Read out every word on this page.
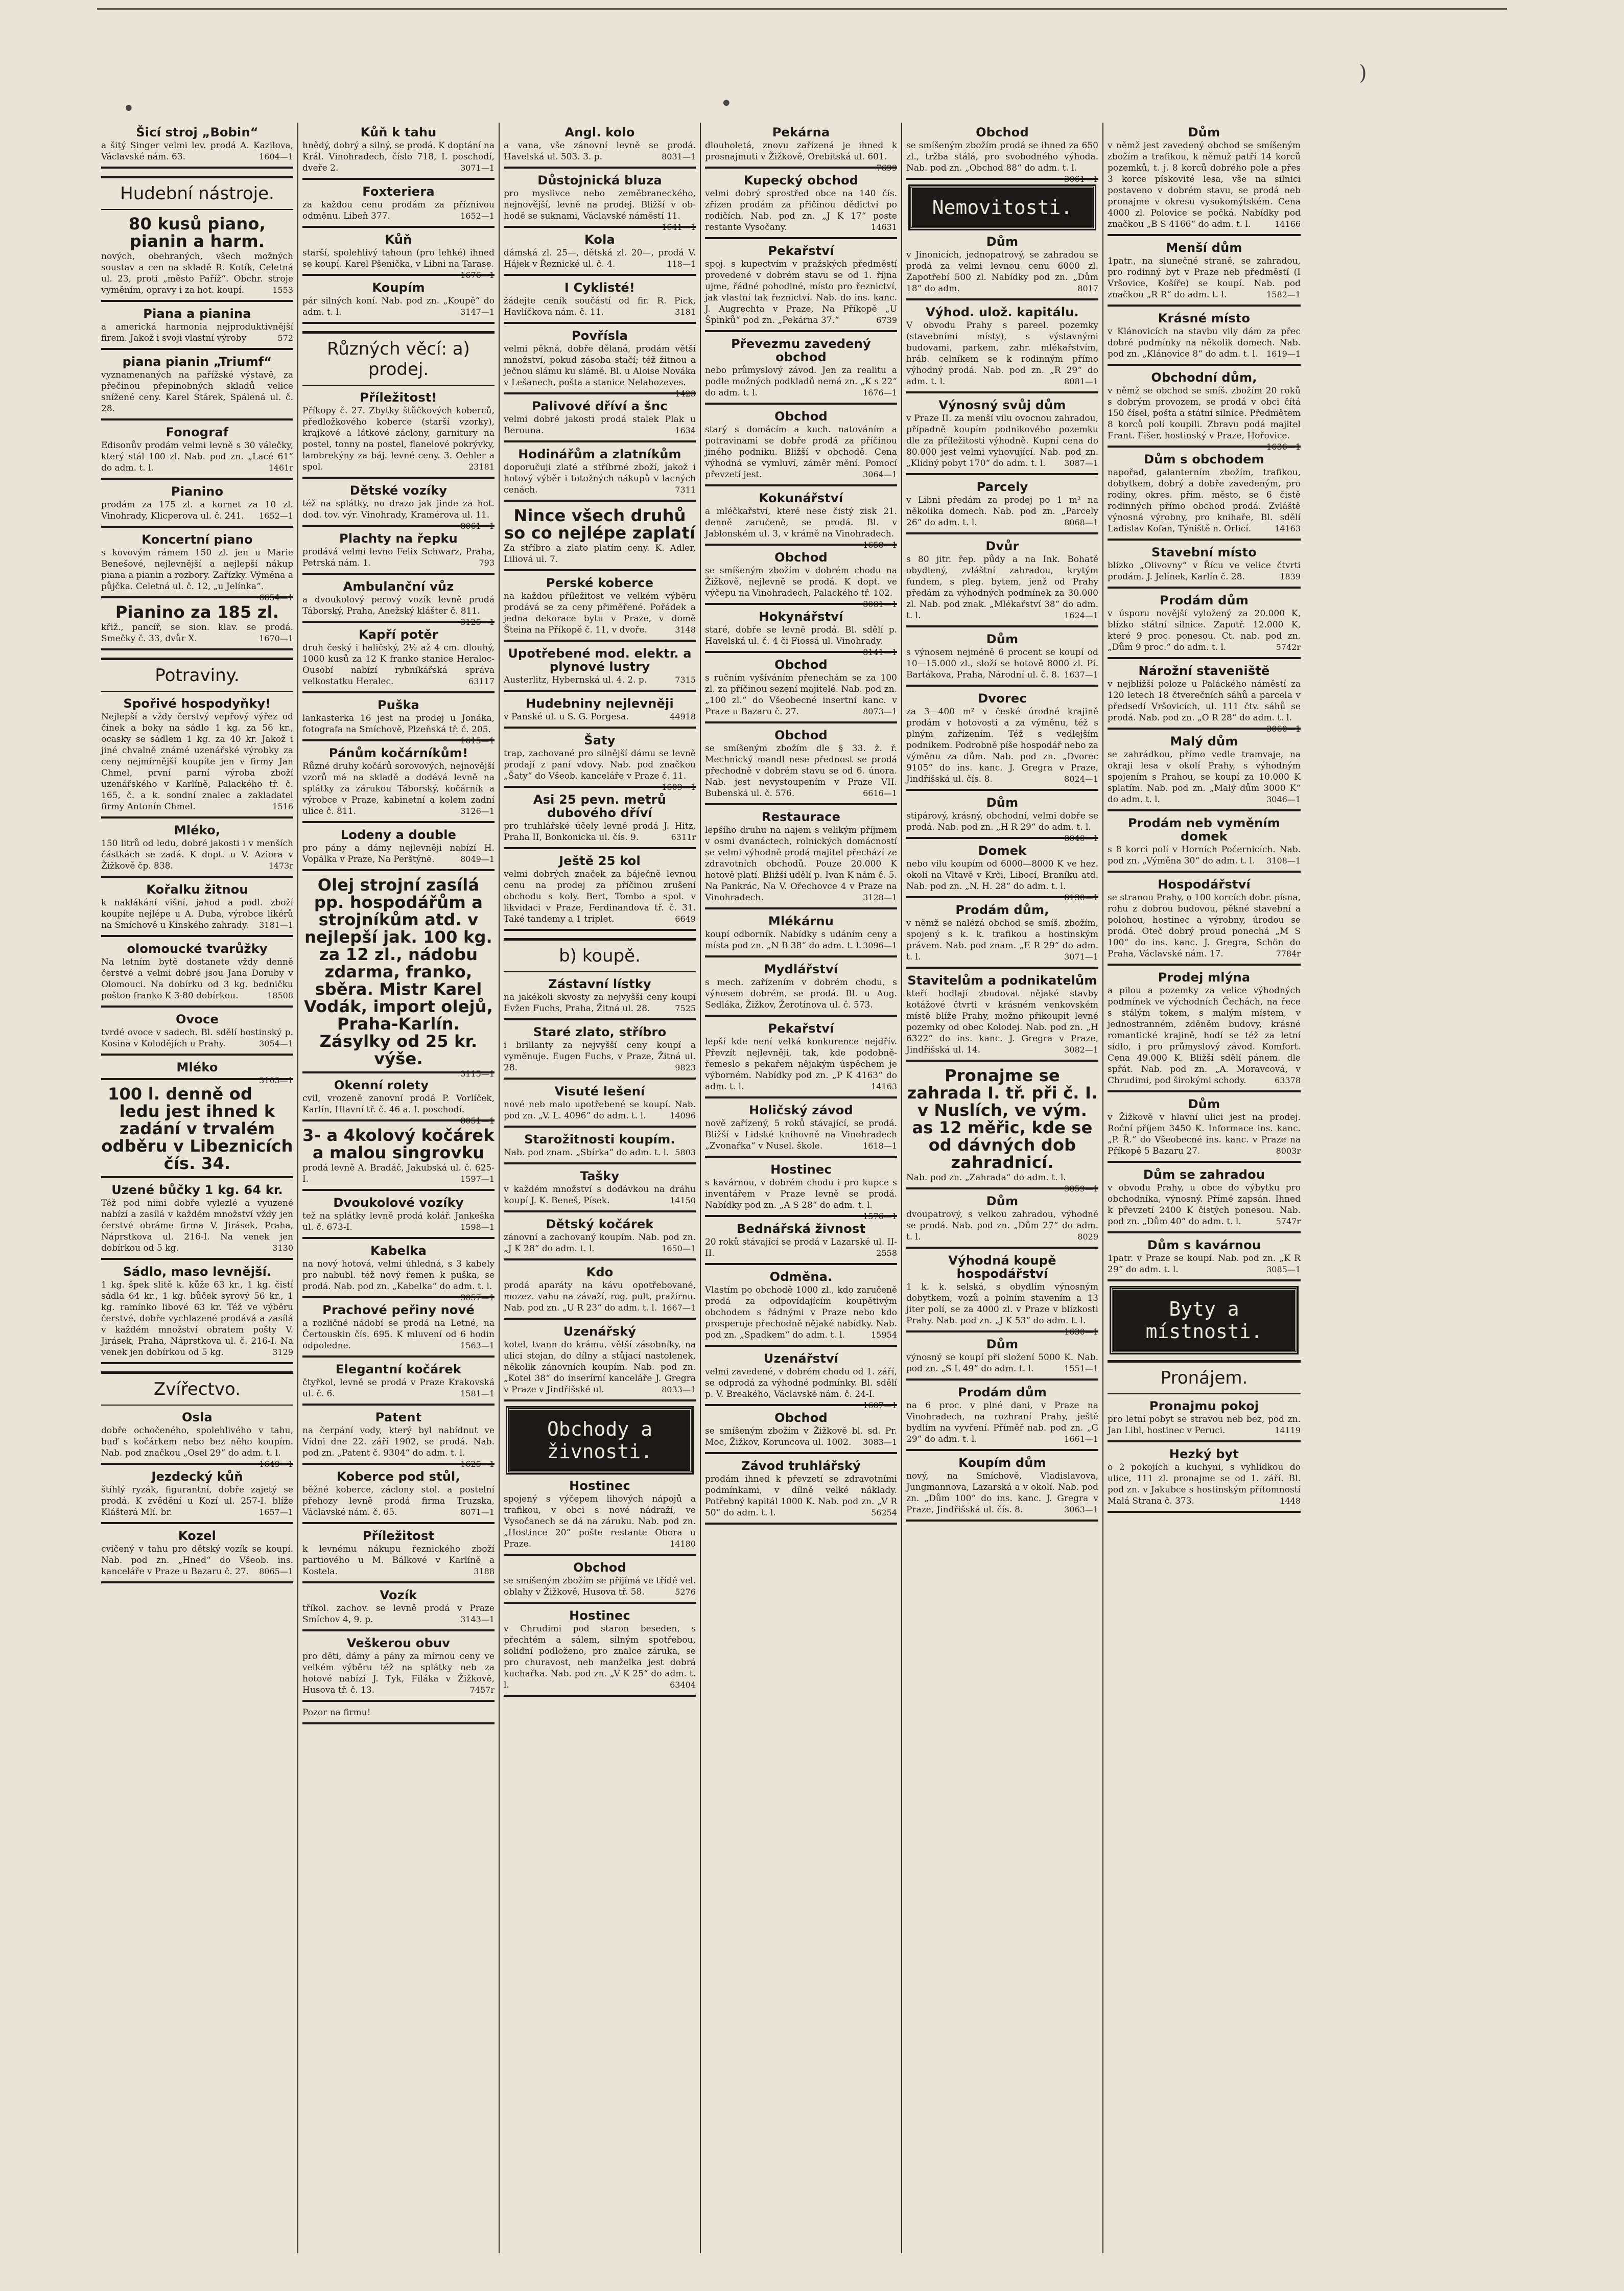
•	•
)
Šicí stroj „Bobin“

a šitý Singer velmi lev. prodá A. Kazilova, Václavské nám. 63.	1604—1

Hudební nástroje.
80 kusů piano, pianin a harm.

nových, obehraných, všech možných soustav a cen na skladě R. Kotík, Celetná ul. 23, proti „město Paříž“. Obchr. stroje vyměním, opravy i za hot. koupí.	1553

Piana a pianina

a americká harmonia nejproduktivnější firem. Jakož i svoji vlastní výroby	572

piana pianin „Triumf“

vyznamenaných na pařížské výstavě, za přečinou přepinobných skladů velice snížené ceny. Karel Stárek, Spálená ul. č. 28.

Fonograf

Edisonův prodám velmi levně s 30 válečky, který stál 100 zl. Nab. pod zn. „Lacé 61“ do adm. t. l.	1461r

Pianino

prodám za 175 zl. a kornet za 10 zl. Vinohrady, Klicperova ul. č. 241. 1652—1

Koncertní piano

s kovovým rámem 150 zl. jen u Marie Benešové, nejlevnější a nejlepší nákup piana a pianin a rozbory. Zařízky. Výměna a půjčka. Celetná ul. č. 12, „u Jelínka“.
6654—1

Pianino za 185 zl.

křiž., pancíř, se sion. klav. se prodá. Smečky č. 33, dvůr X.	1670—1

Potraviny.
Spořivé hospodyňky!

Nejlepší a vždy čerstvý vepřový výřez od činek a boky na sádlo 1 kg. za 56 kr., ocasky se sádlem 1 kg. za 40 kr. Jakož i jiné chvalně známé uzenářské výrobky za ceny nejmírnější koupíte jen v firmy Jan Chmel, první parní výroba zboží uzenářského v Karlíně, Palackého tř. č. 165, č. a k. sondní znalec a zakladatel firmy Antonín Chmel.	1516

Mléko,

150 litrů od ledu, dobré jakosti i v menších částkách se zadá. K dopt. u V. Aziora v Žižkově čp. 838.	1473r

Kořalku žitnou

k naklákání višní, jahod a podl. zboží koupíte nejlépe u A. Duba, výrobce likérů na Smíchově u Kinského zahrady. 3181—1

olomoucké tvarůžky

Na letním bytě dostanete vždy denně čerstvé a velmi dobré jsou Jana Doruby v Olomouci. Na dobírku od 3 kg. bedničku pošton franko K 3·80 dobírkou.	18508

Ovoce

tvrdé ovoce v sadech. Bl. sdělí hostinský p. Kosina v Kolodějích u Prahy.	3054—1

Mléko

3103—1

100 l. denně od ledu jest ihned k zadání v trvalém odběru v Libeznicích čís. 34.

Uzené bůčky 1 kg. 64 kr.

Též pod nimi dobře vylezlé a vyuzené nabízí a zasílá v každém množství vždy jen čerstvé obráme firma V. Jirásek, Praha, Náprstkova ul. 216-I. Na venek jen dobírkou od 5 kg.	3130

Sádlo, maso levnější.

1 kg. špek slitě k. kůže 63 kr., 1 kg. čistí sádla 64 kr., 1 kg. bůček syrový 56 kr., 1 kg. ramínko libové 63 kr. Též ve výběru čerstvé, dobře vychlazené prodává a zasílá v každém množství obratem pošty V. Jirásek, Praha, Náprstkova ul. č. 216-I. Na venek jen dobírkou od 5 kg.	3129

Zvířectvo.
Osla

dobře ochočeného, spolehlivého v tahu, buď s kočárkem nebo bez něho koupím. Nab. pod značkou „Osel 29“ do adm. t. l.
1649—1

Jezdecký kůň

štíhlý ryzák, figurantní, dobře zajetý se prodá. K zvědění u Kozí ul. 257-I. blíže Klášterá Mlí. br.	1657—1

Kozel

cvičený v tahu pro dětský vozík se koupí. Nab. pod zn. „Hned“ do Všeob. ins. kanceláře v Praze u Bazaru č. 27. 8065—1

Kůň k tahu

hnědý, dobrý a silný, se prodá. K doptání na Král. Vinohradech, číslo 718, I. poschodí, dveře 2.	3071—1

Foxteriera

za každou cenu prodám za příznivou odměnu. Libeň 377.	1652—1

Kůň

starší, spolehlivý tahoun (pro lehké) ihned se koupí. Karel Pšenička, v Libni na Tarase.
1676—1

Koupím

pár silných koní. Nab. pod zn. „Koupě“ do adm. t. l.	3147—1

Různých věcí: a) prodej.
Příležitost!

Příkopy č. 27. Zbytky štůčkových koberců, předložkového koberce (starší vzorky), krajkové a látkové záclony, garnitury na postel, tonny na postel, flanelové pokrývky, lambrekýny za báj. levné ceny. 3. Oehler a spol.	23181

Dětské vozíky

též na splátky, no drazo jak jinde za hot. dod. tov. výr. Vinohrady, Kramérova ul. 11.
8061—1

Plachty na řepku

prodává velmi levno Felix Schwarz, Praha, Petrská nám. 1.	793

Ambulanční vůz

a dvoukolový perový vozík levně prodá Táborský, Praha, Anežský klášter č. 811.
3125—1

Kapří potěr

druh český i haličský, 2½ až 4 cm. dlouhý, 1000 kusů za 12 K franko stanice Heraloc-Ousobí nabízí rybníkářská správa velkostatku Heralec.	63117

Puška

lankasterka 16 jest na prodej u Jonáka, fotografa na Smíchově, Plzeňská tř. č. 205.
1615—1

Pánům kočárníkům!

Různé druhy kočárů sorovových, nejnovější vzorů má na skladě a dodává levně na splátky za zárukou Táborský, kočárník a výrobce v Praze, kabinetní a kolem zadní ulice č. 811.	3126—1

Lodeny a double

pro pány a dámy nejlevněji nabízí H. Vopálka v Praze, Na Perštýně.	8049—1

Olej strojní zasílá pp. hospodářům a strojníkům atd. v nejlepší jak. 100 kg. za 12 zl., nádobu zdarma, franko, sběra. Mistr Karel Vodák, import olejů, Praha-Karlín. Zásylky od 25 kr. výše.

3115—1

Okenní rolety

cvil, vrozeně zanovní prodá P. Vorlíček, Karlín, Hlavní tř. č. 46 a. I. poschodí.
8051—1

3- a 4kolový kočárek a malou singrovku

prodá levně A. Bradáč, Jakubská ul. č. 625-I.	1597—1

Dvoukolové vozíky

tež na splátky levně prodá kolář. Jankeška ul. č. 673-I.	1598—1

Kabelka

na nový hotová, velmi úhledná, s 3 kabely pro nabubl. též nový řemen k puška, se prodá. Nab. pod zn. „Kabelka“ do adm. t. l.
3057—1

Prachové peřiny nové

a rozličné nádobí se prodá na Letné, na Čertouskin čís. 695. K mluvení od 6 hodin odpoledne.	1563—1

Elegantní kočárek

čtyřkol, levně se prodá v Praze Krakovská ul. č. 6.	1581—1

Patent

na čerpání vody, který byl nabídnut ve Vídni dne 22. září 1902, se prodá. Nab. pod zn. „Patent č. 9304“ do adm. t. l.
1625—1

Koberce pod stůl,

běžné koberce, záclony stol. a postelní přehozy levně prodá firma Truzska, Václavské nám. č. 65.	8071—1

Příležitost

k levnému nákupu řeznického zboží partiového u M. Bálkové v Karlíně a Kostela.	3188

Vozík

tříkol. zachov. se levně prodá v Praze Smíchov 4, 9. p.	3143—1

Veškerou obuv

pro děti, dámy a pány za mírnou ceny ve velkém výběru též na splátky neb za hotové nabízí J. Tyk, Filáka v Žižkově, Husova tř. č. 13.	7457r

Pozor na firmu!

Angl. kolo

a vana, vše zánovní levně se prodá. Havelská ul. 503. 3. p.	8031—1

Důstojnická bluza

pro myslivce nebo zeměbraneckého, nejnovější, levně na prodej. Bližší v ob-hodě se suknami, Václavské náměstí 11.
1641—1

Kola

dámská zl. 25—, dětská zl. 20—, prodá V. Hájek v Řeznické ul. č. 4.	118—1

I Cyklisté!

žádejte ceník součástí od fir. R. Pick, Havlíčkova nám. č. 11.	3181

Povřísla

velmi pěkná, dobře dělaná, prodám větší množství, pokud zásoba stačí; též žitnou a ječnou slámu ku slámě. Bl. u Aloise Nováka v Lešanech, pošta a stanice Nelahozeves.
1423

Palivové dříví a šnc

velmi dobré jakosti prodá stalek Plak u Berouna.	1634

Hodinářům a zlatníkům

doporučuji zlaté a stříbrné zboží, jakož i hotový výběr i totožných nákupů v lacných cenách.	7311

Nince všech druhů so co nejlépe zaplatí

Za stříbro a zlato platím ceny. K. Adler, Liliová ul. 7.

Perské koberce

na každou příležitost ve velkém výběru prodává se za ceny přiměřené. Pořádek a jedna dekorace bytu v Praze, v domě Šteina na Příkopě č. 11, v dvoře.	3148

Upotřebené mod. elektr. a plynové lustry

Austerlitz, Hybernská ul. 4. 2. p.	7315

Hudebniny nejlevněji

v Panské ul. u S. G. Porgesa.	44918

Šaty

trap, zachované pro silnější dámu se levně prodají z paní vdovy. Nab. pod značkou „Šaty“ do Všeob. kanceláře v Praze č. 11.
1609—1

Asi 25 pevn. metrů dubového dříví

pro truhlářské účely levně prodá J. Hitz, Praha II, Bonkonicka ul. čís. 9.	6311r

Ještě 25 kol

velmi dobrých značek za báječně levnou cenu na prodej za příčinou zrušení obchodu s koly. Bert, Tombo a spol. v likvidaci v Praze, Ferdinandova tř. č. 31. Také tandemy a 1 triplet.	6649

b) koupě.
Zástavní lístky

na jakékoli skvosty za nejvyšší ceny koupí Evžen Fuchs, Praha, Žitná ul. 28.	7525

Staré zlato, stříbro

i brillanty za nejvyšší ceny koupí a vyměnuje. Eugen Fuchs, v Praze, Žitná ul. 28.	9823

Visuté lešení

nové neb malo upotřebené se koupí. Nab. pod zn. „V. L. 4096“ do adm. t. l.	14096

Starožitnosti koupím.

Nab. pod znam. „Sbírka“ do adm. t. l. 5803

Tašky

v každém množství s dodávkou na dráhu koupí J. K. Beneš, Písek.	14150

Dětský kočárek

zánovní a zachovaný koupím. Nab. pod zn. „J K 28“ do adm. t. l.	1650—1

Kdo

prodá aparáty na kávu opotřebované, mozez. vahu na závaží, rog. pult, pražírnu. Nab. pod zn. „U R 23“ do adm. t. l. 1667—1

Uzenářský

kotel, tvann do krámu, větší zásobníky, na ulici stojan, do dílny a stůjací nastolenek, několik zánovních koupím. Nab. pod zn. „Kotel 38“ do inserírní kanceláře J. Gregra v Praze v Jindřišské ul.	8033—1

Obchody a živnosti.
Hostinec

spojený s výčepem lihových nápojů a trafikou, v obci s nové nádraží, ve Vysočanech se dá na záruku. Nab. pod zn. „Hostince 20“ pošte restante Obora u Praze.	14180

Obchod

se smíšeným zbožím se přijímá ve třídě vel. oblahy v Žižkově, Husova tř. 58.	5276

Hostinec

v Chrudimi pod staron beseden, s přechtém a sálem, silným spotřebou, solidní podloženo, pro znalce záruka, se pro churavost, neb manželka jest dobrá kuchařka. Nab. pod zn. „V K 25“ do adm. t. l.	63404

Pekárna

dlouholetá, znovu zařízená je ihned k prosnajmuti v Žižkově, Orebitská ul. 601.
7699

Kupecký obchod

velmi dobrý sprostřed obce na 140 čís. zřízen prodám za přičinou dědictví po rodičích. Nab. pod zn. „J K 17“ poste restante Vysočany.	14631

Pekařství

spoj. s kupectvím v pražských předměstí provedené v dobrém stavu se od 1. října ujme, řádné pohodlné, místo pro řeznictví, jak vlastní tak řeznictví. Nab. do ins. kanc. J. Augrechta v Praze, Na Příkopě „U Špinků“ pod zn. „Pekárna 37.“	6739

Převezmu zavedený obchod

nebo průmyslový závod. Jen za realitu a podle možných podkladů nemá zn. „K s 22“ do adm. t. l.	1676—1

Obchod

starý s domácím a kuch. natováním a potravinami se dobře prodá za příčinou jiného podniku. Bližší v obchodě. Cena výhodná se vymluví, záměr mění. Pomocí převzetí jest.	3064—1

Kokunářství

a mléčkařství, které nese čistý zisk 21. denně zaručeně, se prodá. Bl. v Jablonském ul. 3, v krámě na Vinohradech.
1658—1

Obchod

se smíšeným zbožím v dobrém chodu na Žižkově, nejlevně se prodá. K dopt. ve výčepu na Vinohradech, Palackého tř. 102.
8081—1

Hokynářství

staré, dobře se levně prodá. Bl. sdělí p. Havelská ul. č. 4 či Fiossá ul. Vinohrady.
8141—1

Obchod

s ručním vyšíváním přenechám se za 100 zl. za příčinou sezení majitelé. Nab. pod zn. „100 zl.“ do Všeobecné insertní kanc. v Praze u Bazaru č. 27.	8073—1

Obchod

se smíšeným zbožím dle § 33. ž. ř. Mechnický mandl nese přednost se prodá přechodně v dobrém stavu se od 6. února. Nab. jest nevystoupením v Praze VII. Bubenská ul. č. 576.	6616—1

Restaurace

lepšího druhu na najem s velikým příjmem v osmi dvanáctech, rolnických domácností se velmi výhodně prodá majitel přechází ze zdravotních obchodů. Pouze 20.000 K hotově platí. Bližší udělí p. Ivan K nám č. 5. Na Pankrác, Na V. Ořechovce 4 v Praze na Vinohradech.	3128—1

Mlékárnu

koupí odborník. Nabídky s udáním ceny a místa pod zn. „N B 38“ do adm. t. l. 3096—1

Mydlářství

s mech. zařízením v dobrém chodu, s výnosem dobrém, se prodá. Bl. u Aug. Sedláka, Žižkov, Žerotínova ul. č. 573.

Pekařství

lepší kde není velká konkurence nejdřív. Převzít nejlevněji, tak, kde podobně-řemeslo s pekařem nějakým úspěchem je výborném. Nabídky pod zn. „P K 4163“ do adm. t. l.	14163

Holičský závod

nově zařízený, 5 roků stávající, se prodá. Bližší v Lidské knihovně na Vinohradech „Zvonařka“ v Nusel. škole.	1618—1

Hostinec

s kavárnou, v dobrém chodu i pro kupce s inventářem v Praze levně se prodá. Nabídky pod zn. „A S 28“ do adm. t. l.
1576—1

Bednářská živnost

20 roků stávající se prodá v Lazarské ul. II-II.	2558

Odměna.

Vlastím po obchodě 1000 zl., kdo zaručeně prodá za odpovídajícím koupětivým obchodem s řádnými v Praze nebo kdo prosperuje přechodně nějaké nabídky. Nab. pod zn. „Spadkem“ do adm. t. l.	15954

Uzenářství

velmi zavedené, v dobrém chodu od 1. září, se odprodá za výhodné podmínky. Bl. sdělí p. V. Breakého, Václavské nám. č. 24-I.
1607—1

Obchod

se smíšeným zbožím v Žižkově bl. sd. Pr. Moc, Žižkov, Koruncova ul. 1002. 3083—1

Závod truhlářský

prodám ihned k převzetí se zdravotními podmínkami, v dílně velké náklady. Potřebný kapitál 1000 K. Nab. pod zn. „V R 50“ do adm. t. l.	56254

Obchod

se smíšeným zbožím prodá se ihned za 650 zl., tržba stálá, pro svobodného výhoda. Nab. pod zn. „Obchod 88“ do adm. t. l.
3061—1

Nemovitosti.
Dům

v Jinonicích, jednopatrový, se zahradou se prodá za velmi levnou cenu 6000 zl. Zapotřebí 500 zl. Nabídky pod zn. „Dům 18“ do adm.	8017

Výhod. ulož. kapitálu.

V obvodu Prahy s pareel. pozemky (stavebními místy), s výstavnými budovami, parkem, zahr. mlékařstvím, hráb. celníkem se k rodinným přímo výhodný prodá. Nab. pod zn. „R 29“ do adm. t. l.	8081—1

Výnosný svůj dům

v Praze II. za menší vilu ovocnou zahradou, případně koupím podnikového pozemku dle za příležitosti výhodně. Kupní cena do 80.000 jest velmi vyhovující. Nab. pod zn. „Klidný pobyt 170“ do adm. t. l. 3087—1

Parcely

v Libni předám za prodej po 1 m² na několika domech. Nab. pod zn. „Parcely 26“ do adm. t. l.	8068—1

Dvůr

s 80 jitr. řep. půdy a na Ink. Bohatě obydlený, zvláštní zahradou, krytým fundem, s pleg. bytem, jenž od Prahy předám za výhodných podmínek za 30.000 zl. Nab. pod znak. „Mlékařství 38“ do adm. t. l.	1624—1

Dům

s výnosem nejméně 6 procent se koupí od 10—15.000 zl., složí se hotově 8000 zl. Pí. Bartákova, Praha, Národní ul. č. 8. 1637—1

Dvorec

za 3—400 m² v české úrodné krajině prodám v hotovosti a za výměnu, též s plným zařízením. Též s vedlejším podnikem. Podrobně píše hospodář nebo za výměnu za dům. Nab. pod zn. „Dvorec 9105“ do ins. kanc. J. Gregra v Praze, Jindřišská ul. čís. 8.	8024—1

Dům

stipárový, krásný, obchodní, velmi dobře se prodá. Nab. pod zn. „H R 29“ do adm. t. l.
8040—1

Domek

nebo vilu koupím od 6000—8000 K ve hez. okolí na Vltavě v Krči, Libocí, Braníku atd. Nab. pod zn. „N. H. 28“ do adm. t. l.
8130—1

Prodám dům,

v němž se nalézá obchod se smíš. zbožím, spojený s k. k. trafikou a hostinským právem. Nab. pod znam. „E R 29“ do adm. t. l.	3071—1

Stavitelům a podnikatelům

kteří hodlají zbudovat nějaké stavby kotážové čtvrti v krásném venkovském místě blíže Prahy, možno přikoupit levné pozemky od obec Kolodej. Nab. pod zn. „H 6322“ do ins. kanc. J. Gregra v Praze, Jindřišská ul. 14.	3082—1

Pronajme se zahrada I. tř. při č. I. v Nuslích, ve vým. as 12 měřic, kde se od dávných dob zahradnicí.

Nab. pod zn. „Zahrada“ do adm. t. l.
3059—1

Dům

dvoupatrový, s velkou zahradou, výhodně se prodá. Nab. pod zn. „Dům 27“ do adm. t. l.	8029

Výhodná koupě hospodářství

1 k. k. selská, s obydlím výnosným dobytkem, vozů a polním stavením a 13 jiter polí, se za 4000 zl. v Praze v blízkosti Prahy. Nab. pod zn. „J K 53“ do adm. t. l.
1630—1

Dům

výnosný se koupí při složení 5000 K. Nab. pod zn. „S L 49“ do adm. t. l.	1551—1

Prodám dům

na 6 proc. v plné dani, v Praze na Vinohradech, na rozhraní Prahy, ještě bydlím na vyvření. Příměř nab. pod zn. „G 29“ do adm. t. l.	1661—1

Koupím dům

nový, na Smíchově, Vladislavova, Jungmannova, Lazarská a v okolí. Nab. pod zn. „Dům 100“ do ins. kanc. J. Gregra v Praze, Jindřišská ul. čís. 8.	3063—1

Dům

v němž jest zavedený obchod se smíšeným zbožím a trafikou, k němuž patří 14 korců pozemků, t. j. 8 korců dobrého pole a přes 3 korce pískovité lesa, vše na silnici postaveno v dobrém stavu, se prodá neb pronajme v okresu vysokomýtském. Cena 4000 zl. Polovice se počká. Nabídky pod značkou „B S 4166“ do adm. t. l.	14166

Menší dům

1patr., na slunečné straně, se zahradou, pro rodinný byt v Praze neb předměstí (I Vršovice, Košíře) se koupí. Nab. pod značkou „R R“ do adm. t. l.	1582—1

Krásné místo

v Klánovicích na stavbu vily dám za přec dobré podmínky na několik domech. Nab. pod zn. „Klánovice 8“ do adm. t. l. 1619—1

Obchodní dům,

v němž se obchod se smíš. zbožím 20 roků s dobrým provozem, se prodá v obci čítá 150 čísel, pošta a státní silnice. Předmětem 8 korců polí koupili. Zbravu podá majitel Frant. Fišer, hostinský v Praze, Hořovice.
1636—1

Dům s obchodem

napořad, galanterním zbožím, trafikou, dobytkem, dobrý a dobře zavedeným, pro rodiny, okres. přím. město, se 6 čistě rodinných přímo obchod prodá. Zvláště výnosná výrobny, pro knihaře, Bl. sdělí Ladislav Kofan, Týniště n. Orlicí.	14163

Stavební místo

blízko „Olivovny“ v Řícu ve velice čtvrti prodám. J. Jelínek, Karlín č. 28.	1839

Prodám dům

v úsporu novější vyložený za 20.000 K, blízko státní silnice. Zapotř. 12.000 K, které 9 proc. ponesou. Ct. nab. pod zn. „Dům 9 proc.“ do adm. t. l.	5742r

Nárožní staveniště

v nejbližší poloze u Paláckého náměstí za 120 letech 18 čtverečních sáhů a parcela v předsedí Vršovicích, ul. 111 čtv. sáhů se prodá. Nab. pod zn. „O R 28“ do adm. t. l.
3060—1

Malý dům

se zahrádkou, přímo vedle tramvaje, na okraji lesa v okolí Prahy, s výhodným spojením s Prahou, se koupí za 10.000 K splatím. Nab. pod zn. „Malý dům 3000 K“ do adm. t. l.	3046—1

Prodám neb vyměním domek

s 8 korci polí v Horních Počernicích. Nab. pod zn. „Výměna 30“ do adm. t. l. 3108—1

Hospodářství

se stranou Prahy, o 100 korcích dobr. písna, rohu z dobrou budovou, pěkné stavební a polohou, hostinec a výrobny, úrodou se prodá. Oteč dobrý proud ponechá „M S 100“ do ins. kanc. J. Gregra, Schön do Praha, Václavské nám. 17.	7784r

Prodej mlýna

a pilou a pozemky za velice výhodných podmínek ve východních Čechách, na řece s stálým tokem, s malým místem, v jednostranném, zděněm budovy, krásné romantické krajině, hodí se též za letní sídlo, i pro průmyslový závod. Komfort. Cena 49.000 K. Bližší sdělí pánem. dle spřát. Nab. pod zn. „A. Moravcová, v Chrudimi, pod širokými schody.	63378

Dům

v Žižkově v hlavní ulici jest na prodej. Roční příjem 3450 K. Informace ins. kanc. „P. Ř.“ do Všeobecné ins. kanc. v Praze na Příkopě 5 Bazaru 27.	8003r

Dům se zahradou

v obvodu Prahy, u obce do výbytku pro obchodníka, výnosný. Přímé zapsán. Ihned k převzetí 2400 K čistých ponesou. Nab. pod zn. „Dům 40“ do adm. t. l.	5747r

Dům s kavárnou

1patr. v Praze se koupí. Nab. pod zn. „K R 29“ do adm. t. l.	3085—1

Byty a místnosti.
Pronájem.
Pronajmu pokoj

pro letní pobyt se stravou neb bez, pod zn. Jan Libl, hostinec v Peruci.	14119

Hezký byt

o 2 pokojích a kuchyni, s vyhlídkou do ulice, 111 zl. pronajme se od 1. září. Bl. pod zn. v Jakubce s hostinským přítomností Malá Strana č. 373.	1448
